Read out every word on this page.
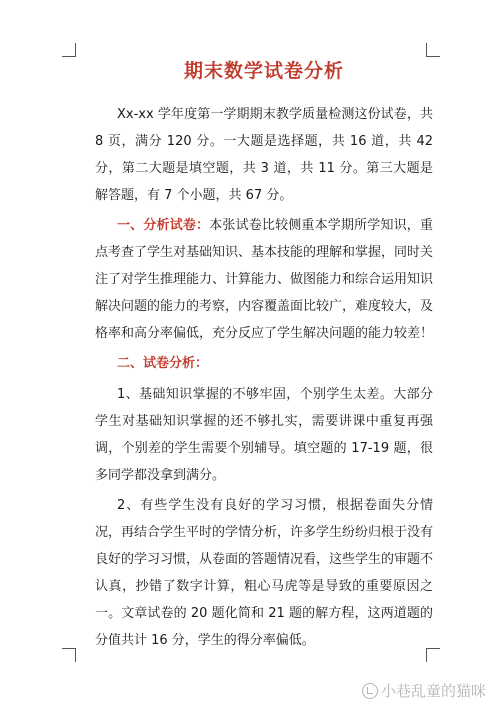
期末数学试卷分析

Xx-xx 学年度第一学期期末教学质量检测这份试卷，共 8 页，满分 120 分。一大题是选择题，共 16 道，共 42 分，第二大题是填空题，共 3 道，共 11 分。第三大题是解答题，有 7 个小题，共 67 分。

一、分析试卷：本张试卷比较侧重本学期所学知识，重点考查了学生对基础知识、基本技能的理解和掌握，同时关注了对学生推理能力、计算能力、做图能力和综合运用知识解决问题的能力的考察，内容覆盖面比较广，难度较大，及格率和高分率偏低，充分反应了学生解决问题的能力较差！

二、试卷分析：

1、基础知识掌握的不够牢固，个别学生太差。大部分学生对基础知识掌握的还不够扎实，需要讲课中重复再强调，个别差的学生需要个别辅导。填空题的 17-19 题，很多同学都没拿到满分。

2、有些学生没有良好的学习习惯，根据卷面失分情况，再结合学生平时的学情分析，许多学生纷纷归根于没有良好的学习习惯，从卷面的答题情况看，这些学生的审题不认真，抄错了数字计算，粗心马虎等是导致的重要原因之一。文章试卷的 20 题化简和 21 题的解方程，这两道题的分值共计 16 分，学生的得分率偏低。

小巷乱童的猫咪
